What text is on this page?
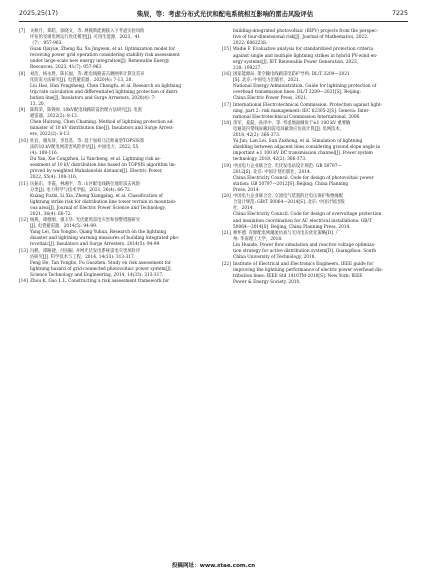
2025,25(17)	柴辰，等：考虑分布式光伏和配电系统相互影响的雷击风险评估	7225
[7]	关秋月，郑皓，徐晓文，等. 规模新能源接入下考虑实验风险

评估的受端电网运行优化模型[J]. 可再生能源，2023，41

（7）：957-963.

Guan Qiuyue, Zheng Xu, Xu Jingwen, et al. Optimization model for

receiving power grid operation considering stability risk assessment

under large-scale new energy integration[J]. Renewable Energy

Resources, 2023, 41(7): 957-963.

[8]	刘浩，杨永胜，陈长福，等. 配电线路雷击跳闸率计算及差异

化防雷方法研究[J]. 电瓷避雷器，2020(4): 7-13, 20.

Liu Hao, Han Yongsheng, Chen Changfu, et al. Research on lightning

trip rate calculation and differentiated lightning protection of distri-

bution line[J]. Insulators and Surge Arresters, 2020(4): 7-

13, 20.

[9]	陈辉荣，陈焕时. 10kV配电线路防雷治理方法研究[J]. 电瓷

避雷器，2022(2): 8-13.

Chen Huirong, Chen Chaming. Method of lightning protection ad-

minister of 10 kV distribution line[J]. Insulators and Surge Arrest-

ers, 2022(2): 8-13.

[10] 杜岩，谢从珍，李昌苏，等. 基于加权马氏距离型TOPSIS算

法的10 kV配电网雷害风险评估[J]. 中国电力，2022, 55

(4): 108-116.

Du Yan, Xie Congzhen, Li Yancheng, et al. Lightning risk as-

sessment of 10 kV distribution line based on TOPSIS algorithm im-

proved by weighted Mahalanobis distance[J]. Electric Power,

2022, 55(4): 108-116.

[11] 匡振东，李霞，林湘平，等. 山区配电线路位地形雷击风险

分类[J]. 电力科学与技术学报，2021, 36(4): 66-72.

Kuang Fuzhi, Li Xia, Zheng Xiangping, et al. Classification of

lightning strike risk for distribution line tower terrain in mountain-

ous area[J]. Journal of Electric Power Science and Technology,

2021, 36(4): 66-72.

[12] 杨燕，谭德刚，强玉华. 光伏建筑雷电灾害和预警措施研究

[J]. 电瓷避雷器，2014(5): 94-99.

Yang Lei, Tan Yongbo, Qiang Yuhua. Research on the lightning

disaster and lightning warning measures of building integrated pho-

tovoltaic[J]. Insulators and Surge Arresters, 2014(5): 94-99.

[13] 冯鹤，谭路捷，付国振. 并网光伏发电系统雷电灾害风险评

估研究[J]. 科学技术与工程，2014, 14(33): 313-317.

Feng He, Tan Yongbo, Fu Guozhen. Study on risk assessment for

lightning hazard of grid-connected photovoltaic power system[J].

Science Technology and Engineering, 2014, 14(33): 313-317.

[14] Zhou K, Gao L L. Constructing a risk assessment framework for

building-integrated photovoltaic (BIPV) projects from the perspec-

tive of four-dimensional risk[J]. Journal of Mathematics, 2022,

2022: 6062238.

[15] Wadie F. Evaluative analysis for standardized protection criteria

against single and multiple lightning strikes in hybrid PV-wind en-

ergy systems[J]. IET Renewable Power Generation, 2023,

218: 109227.

[16] 国家能源局. 架空输电线路雷电防护导则: DL/T 2209—2021

[S]. 北京: 中国电力出版社，2021.

National Energy Administration. Guide for lightning protection of

overhead transmission lines: DL/T 2209—2021[S]. Beijing:

China Electric Power Press, 2021.

[17] International Electrotechnical Commission. Protection against light-

ning, part 2: risk management: IEC 62305-2[S]. Geneva: Inter-

national Electrotechnical Commission International, 2006.

[18] 余军，姜磊，孙泽中，等. 考虑地面倾角于±1 100 kV 重要输

电通道内带线屏蔽间雷电屏蔽效应仿真计算[J]. 电网技术，

2018, 42(2): 366-373.

Yu Jun, Lan Lei, Sun Zezhong, et al. Simulation of lightning

shielding between adjacent lines considering ground slope angle in

important ±1 100 kV DC transmission channel[J]. Power system

technology, 2018, 42(2): 366-373.

[19] 中国电力企业联合会. 光伏发电站设计规范: GB 50797—

2012[S]. 北京: 中国计划出版社，2014.

China Electricity Council. Code for design of photovoltaic power

station: GB 50797—2012[S]. Beijing: China Planning

Press, 2014.

[20] 中国电力企业联合会. 交流电气装置的过电压保护和绝缘配

合设计规范: GB/T 50064—2014[S]. 北京: 中国计划出版

社，2014.

China Electricity Council. Code for design of overvoltage protection

and insulation coordination for AC electrical installations: GB/T

50064—2014[S]. Beijing, China Planning Press, 2014.

[21] 林怀德. 有源配电网潮流仿真与无功电压优化策略[D]. 广

州: 华南理工大学，2018.

Lin Huaide. Power flow simulation and reactive voltage optimiza-

tion strategy for active distribution system[D]. Guangzhou: South

China University of Technology, 2018.

[22] Institute of Electrical and Electronics Engineers. IEEE guide for

improving the lightning performance of electric power overhead dis-

tribution lines: IEEE Std 1410TM-2010[S]. New York: IEEE

Power & Energy Society, 2010.

投稿网址：www.stae.com.cn
